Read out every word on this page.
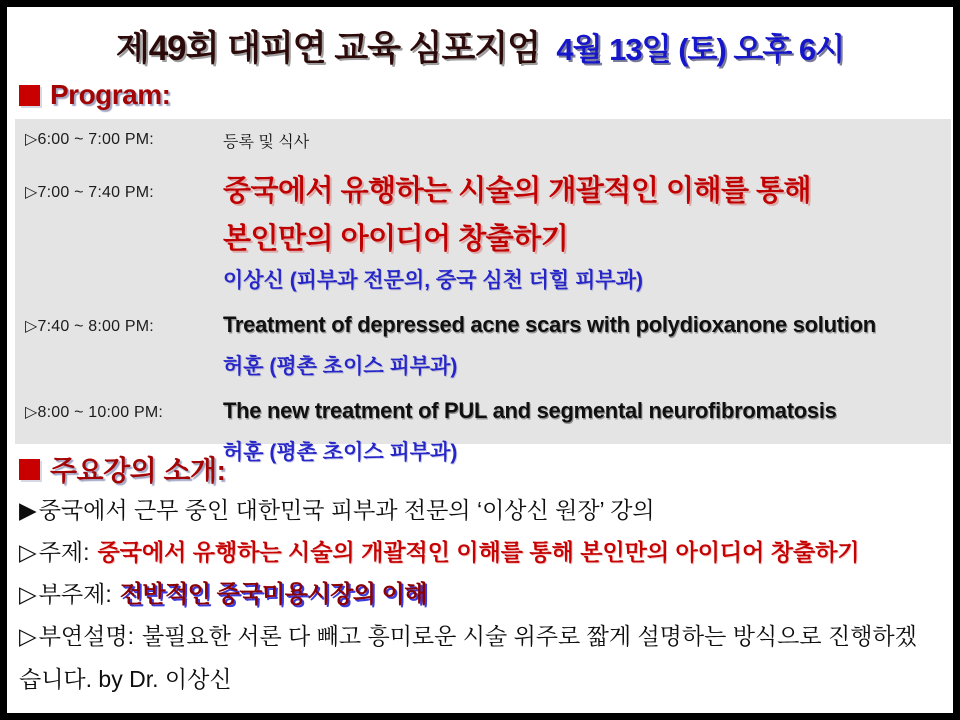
제49회 대피연 교육 심포지엄 4월 13일 (토) 오후 6시
Program:
▷6:00 ~ 7:00 PM:	등록 및 식사
▷7:00 ~ 7:40 PM:	중국에서 유행하는 시술의 개괄적인 이해를 통해
본인만의 아이디어 창출하기
이상신 (피부과 전문의, 중국 심천 더힐 피부과)
▷7:40 ~ 8:00 PM:	Treatment of depressed acne scars with polydioxanone solution
허훈 (평촌 초이스 피부과)
▷8:00 ~ 10:00 PM:	The new treatment of PUL and segmental neurofibromatosis
허훈 (평촌 초이스 피부과)
주요강의 소개:
▶중국에서 근무 중인 대한민국 피부과 전문의 ‘이상신 원장’ 강의
▷주제: 중국에서 유행하는 시술의 개괄적인 이해를 통해 본인만의 아이디어 창출하기
▷부주제: 전반적인 중국미용시장의 이해
▷부연설명: 불필요한 서론 다 빼고 흥미로운 시술 위주로 짧게 설명하는 방식으로 진행하겠습니다. by Dr. 이상신
